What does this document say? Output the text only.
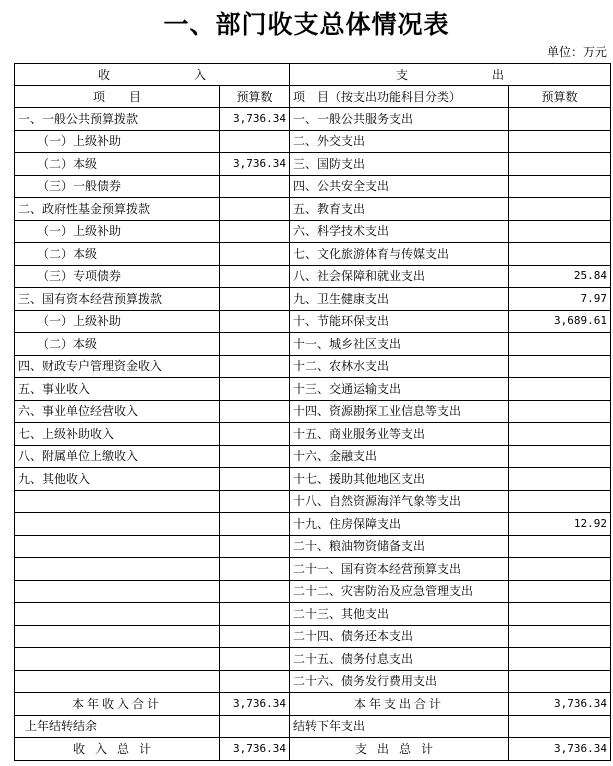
一、部门收支总体情况表
单位：万元
收　　　　　　　入		支　　　　　　　出	
项　　目	预算数	项　目（按支出功能科目分类）	预算数
一、一般公共预算拨款	3,736.34	一、一般公共服务支出	
（一）上级补助		二、外交支出	
（二）本级	3,736.34	三、国防支出	
（三）一般债券		四、公共安全支出	
二、政府性基金预算拨款		五、教育支出	
（一）上级补助		六、科学技术支出	
（二）本级		七、文化旅游体育与传媒支出	
（三）专项债券		八、社会保障和就业支出	25.84
三、国有资本经营预算拨款		九、卫生健康支出	7.97
（一）上级补助		十、节能环保支出	3,689.61
（二）本级		十一、城乡社区支出	
四、财政专户管理资金收入		十二、农林水支出	
五、事业收入		十三、交通运输支出	
六、事业单位经营收入		十四、资源勘探工业信息等支出	
七、上级补助收入		十五、商业服务业等支出	
八、附属单位上缴收入		十六、金融支出	
九、其他收入		十七、援助其他地区支出	
		十八、自然资源海洋气象等支出	
		十九、住房保障支出	12.92
		二十、粮油物资储备支出	
		二十一、国有资本经营预算支出	
		二十二、灾害防治及应急管理支出	
		二十三、其他支出	
		二十四、债务还本支出	
		二十五、债务付息支出	
		二十六、债务发行费用支出	
本年收入合计	3,736.34	本年支出合计	3,736.34
上年结转结余		结转下年支出	
收入总计	3,736.34	支出总计	3,736.34
